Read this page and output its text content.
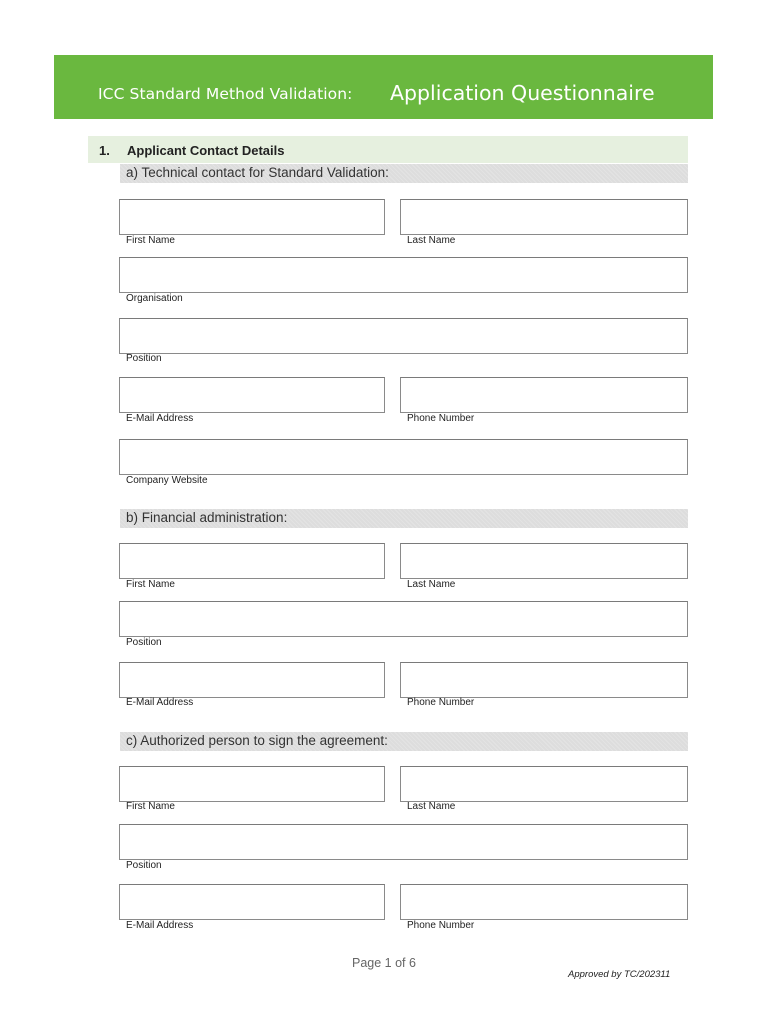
ICC Standard Method Validation: Application Questionnaire
1. Applicant Contact Details
a) Technical contact for Standard Validation:
First Name	Last Name
Organisation
Position
E-Mail Address	Phone Number
Company Website
b) Financial administration:
First Name	Last Name
Position
E-Mail Address	Phone Number
c) Authorized person to sign the agreement:
First Name	Last Name
Position
E-Mail Address	Phone Number
Page 1 of 6
Approved by TC/202311
